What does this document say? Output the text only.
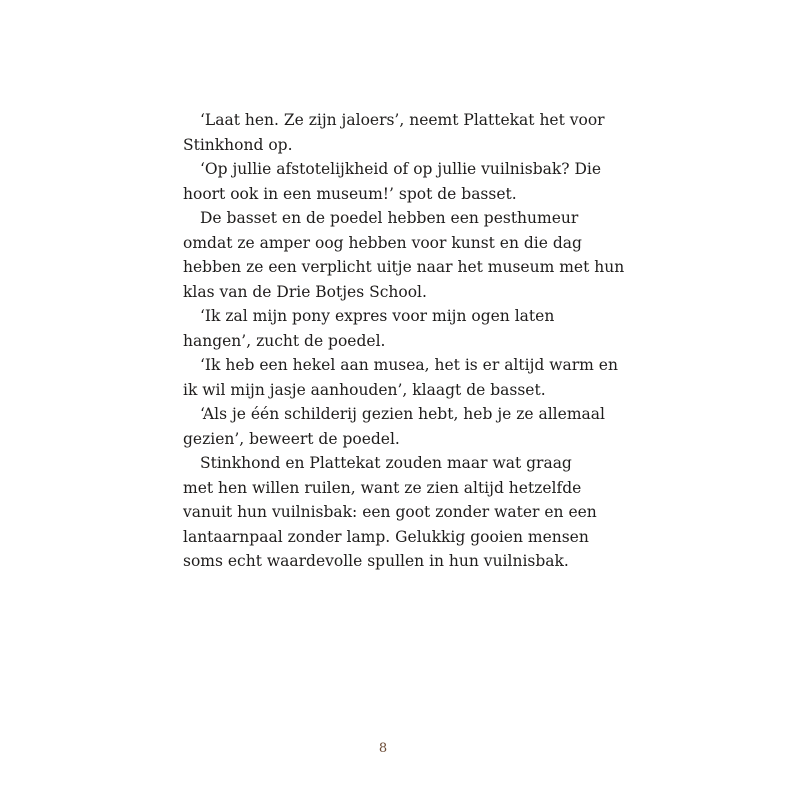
‘Laat hen. Ze zijn jaloers’, neemt Plattekat het voor
Stinkhond op.
‘Op jullie afstotelijkheid of op jullie vuilnisbak? Die
hoort ook in een museum!’ spot de basset.
De basset en de poedel hebben een pesthumeur
omdat ze amper oog hebben voor kunst en die dag
hebben ze een verplicht uitje naar het museum met hun
klas van de Drie Botjes School.
‘Ik zal mijn pony expres voor mijn ogen laten
hangen’, zucht de poedel.
‘Ik heb een hekel aan musea, het is er altijd warm en
ik wil mijn jasje aanhouden’, klaagt de basset.
‘Als je één schilderij gezien hebt, heb je ze allemaal
gezien’, beweert de poedel.
Stinkhond en Plattekat zouden maar wat graag
met hen willen ruilen, want ze zien altijd hetzelfde
vanuit hun vuilnisbak: een goot zonder water en een
lantaarnpaal zonder lamp. Gelukkig gooien mensen
soms echt waardevolle spullen in hun vuilnisbak.
8
